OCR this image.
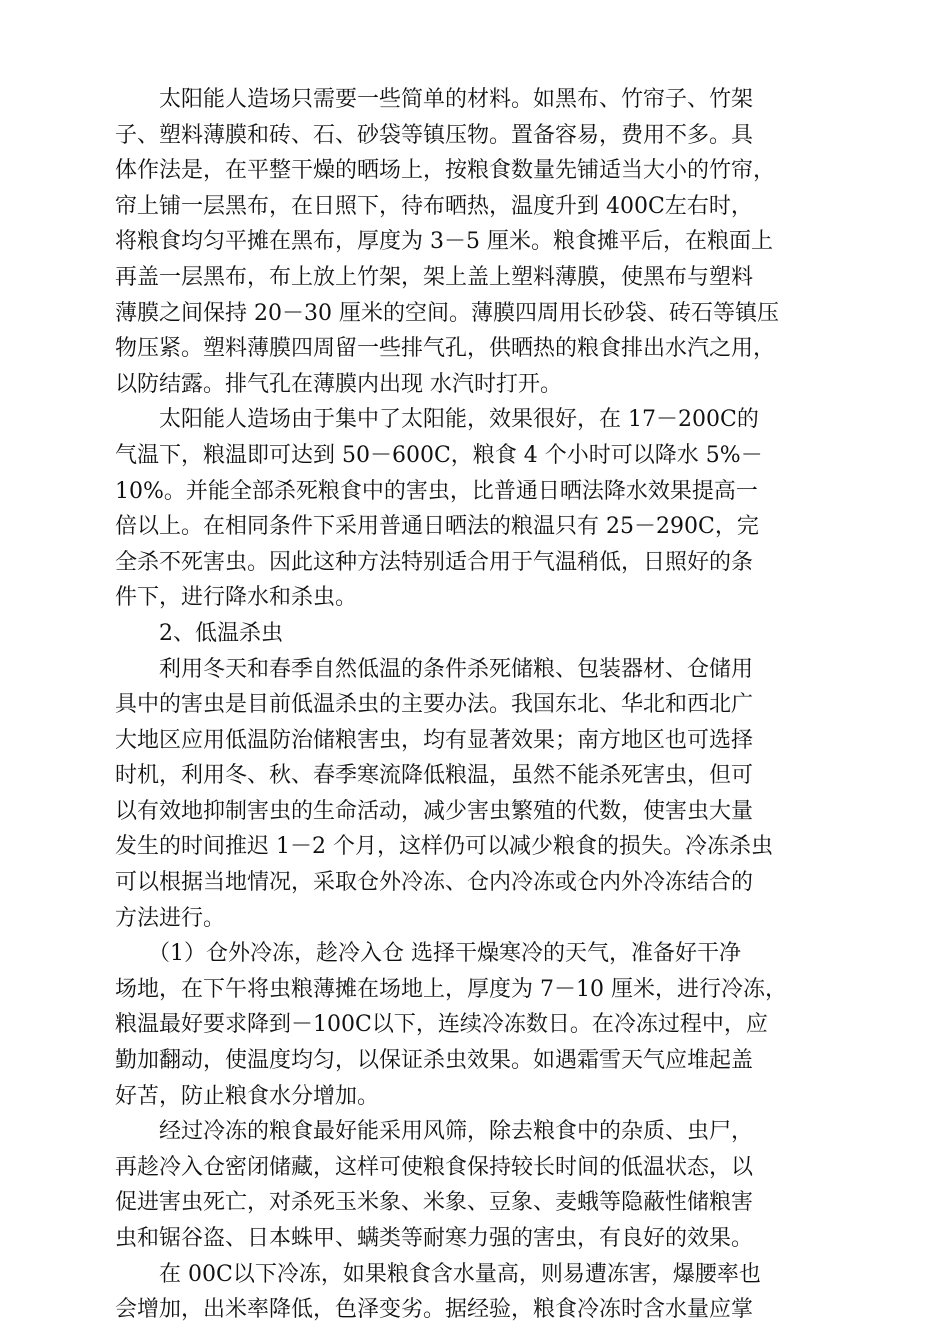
　　太阳能人造场只需要一些简单的材料。如黑布、竹帘子、竹架
子、塑料薄膜和砖、石、砂袋等镇压物。置备容易，费用不多。具
体作法是，在平整干燥的晒场上，按粮食数量先铺适当大小的竹帘，
帘上铺一层黑布，在日照下，待布晒热，温度升到 400C左右时，
将粮食均匀平摊在黑布，厚度为 3－5 厘米。粮食摊平后，在粮面上
再盖一层黑布，布上放上竹架，架上盖上塑料薄膜，使黑布与塑料
薄膜之间保持 20－30 厘米的空间。薄膜四周用长砂袋、砖石等镇压
物压紧。塑料薄膜四周留一些排气孔，供晒热的粮食排出水汽之用，
以防结露。排气孔在薄膜内出现 水汽时打开。
　　太阳能人造场由于集中了太阳能，效果很好，在 17－200C的
气温下，粮温即可达到 50－600C，粮食 4 个小时可以降水 5%－
10%。并能全部杀死粮食中的害虫，比普通日晒法降水效果提高一
倍以上。在相同条件下采用普通日晒法的粮温只有 25－290C，完
全杀不死害虫。因此这种方法特别适合用于气温稍低，日照好的条
件下，进行降水和杀虫。
　　2、低温杀虫
　　利用冬天和春季自然低温的条件杀死储粮、包装器材、仓储用
具中的害虫是目前低温杀虫的主要办法。我国东北、华北和西北广
大地区应用低温防治储粮害虫，均有显著效果；南方地区也可选择
时机，利用冬、秋、春季寒流降低粮温，虽然不能杀死害虫，但可
以有效地抑制害虫的生命活动，减少害虫繁殖的代数，使害虫大量
发生的时间推迟 1－2 个月，这样仍可以减少粮食的损失。冷冻杀虫
可以根据当地情况，采取仓外冷冻、仓内冷冻或仓内外冷冻结合的
方法进行。
　　（1）仓外冷冻，趁冷入仓 选择干燥寒冷的天气，准备好干净
场地，在下午将虫粮薄摊在场地上，厚度为 7－10 厘米，进行冷冻，
粮温最好要求降到－100C以下，连续冷冻数日。在冷冻过程中，应
勤加翻动，使温度均匀，以保证杀虫效果。如遇霜雪天气应堆起盖
好苫，防止粮食水分增加。
　　经过冷冻的粮食最好能采用风筛，除去粮食中的杂质、虫尸，
再趁冷入仓密闭储藏，这样可使粮食保持较长时间的低温状态，以
促进害虫死亡，对杀死玉米象、米象、豆象、麦蛾等隐蔽性储粮害
虫和锯谷盗、日本蛛甲、螨类等耐寒力强的害虫，有良好的效果。
　　在 00C以下冷冻，如果粮食含水量高，则易遭冻害，爆腰率也
会增加，出米率降低，色泽变劣。据经验，粮食冷冻时含水量应掌
